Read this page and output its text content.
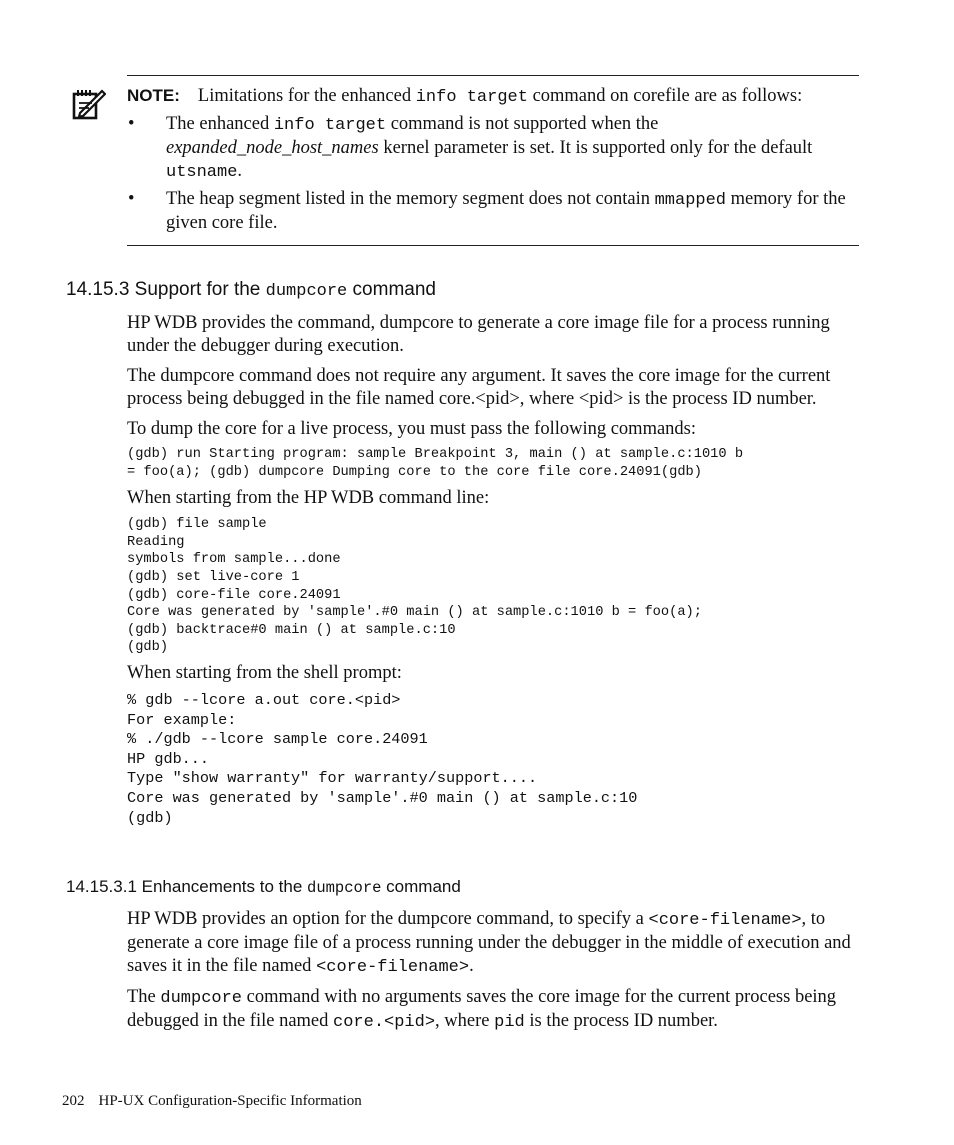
NOTE: Limitations for the enhanced info target command on corefile are as follows:

• The enhanced info target command is not supported when the expanded_node_host_names kernel parameter is set. It is supported only for the default utsname.
• The heap segment listed in the memory segment does not contain mmapped memory for the given core file.
14.15.3 Support for the dumpcore command

HP WDB provides the command, dumpcore to generate a core image file for a process running under the debugger during execution.

The dumpcore command does not require any argument. It saves the core image for the current process being debugged in the file named core.<pid>, where <pid> is the process ID number.

To dump the core for a live process, you must pass the following commands:

(gdb) run Starting program: sample Breakpoint 3, main () at sample.c:1010 b
= foo(a); (gdb) dumpcore Dumping core to the core file core.24091(gdb)

When starting from the HP WDB command line:

(gdb) file sample
Reading
symbols from sample...done
(gdb) set live-core 1
(gdb) core-file core.24091
Core was generated by 'sample'.#0 main () at sample.c:1010 b = foo(a);
(gdb) backtrace#0 main () at sample.c:10
(gdb)

When starting from the shell prompt:

% gdb --lcore a.out core.<pid>
For example:
% ./gdb --lcore sample core.24091
HP gdb...
Type "show warranty" for warranty/support....
Core was generated by 'sample'.#0 main () at sample.c:10
(gdb)
14.15.3.1 Enhancements to the dumpcore command

HP WDB provides an option for the dumpcore command, to specify a <core-filename>, to generate a core image file of a process running under the debugger in the middle of execution and saves it in the file named <core-filename>.

The dumpcore command with no arguments saves the core image for the current process being debugged in the file named core.<pid>, where pid is the process ID number.

202 HP-UX Configuration-Specific Information
